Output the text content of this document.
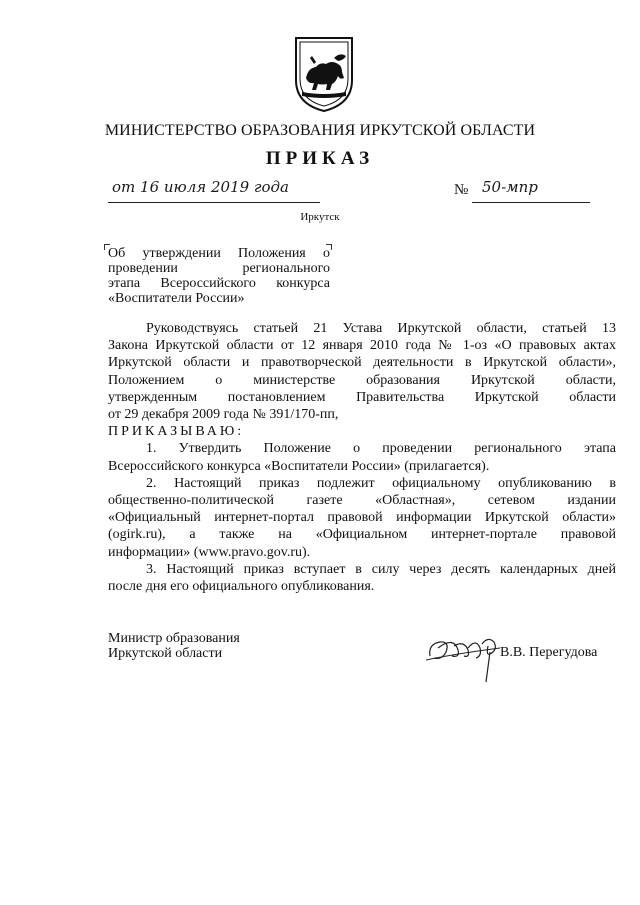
МИНИСТЕРСТВО ОБРАЗОВАНИЯ ИРКУТСКОЙ ОБЛАСТИ
ПРИКАЗ
от 16 июля 2019 года	№ 50-мпр
Иркутск
Об утверждении Положения о
проведении регионального
этапа Всероссийского конкурса
«Воспитатели России»
Руководствуясь статьей 21 Устава Иркутской области, статьей 13
Закона Иркутской области от 12 января 2010 года № 1-оз «О правовых актах
Иркутской области и правотворческой деятельности в Иркутской области»,
Положением о министерстве образования Иркутской области,
утвержденным постановлением Правительства Иркутской области
от 29 декабря 2009 года № 391/170-пп,
ПРИКАЗЫВАЮ:
1. Утвердить Положение о проведении регионального этапа
Всероссийского конкурса «Воспитатели России» (прилагается).
2. Настоящий приказ подлежит официальному опубликованию в
общественно-политической газете «Областная», сетевом издании
«Официальный интернет-портал правовой информации Иркутской области»
(ogirk.ru), а также на «Официальном интернет-портале правовой
информации» (www.pravo.gov.ru).
3. Настоящий приказ вступает в силу через десять календарных дней
после дня его официального опубликования.
Министр образования
Иркутской области	В.В. Перегудова
